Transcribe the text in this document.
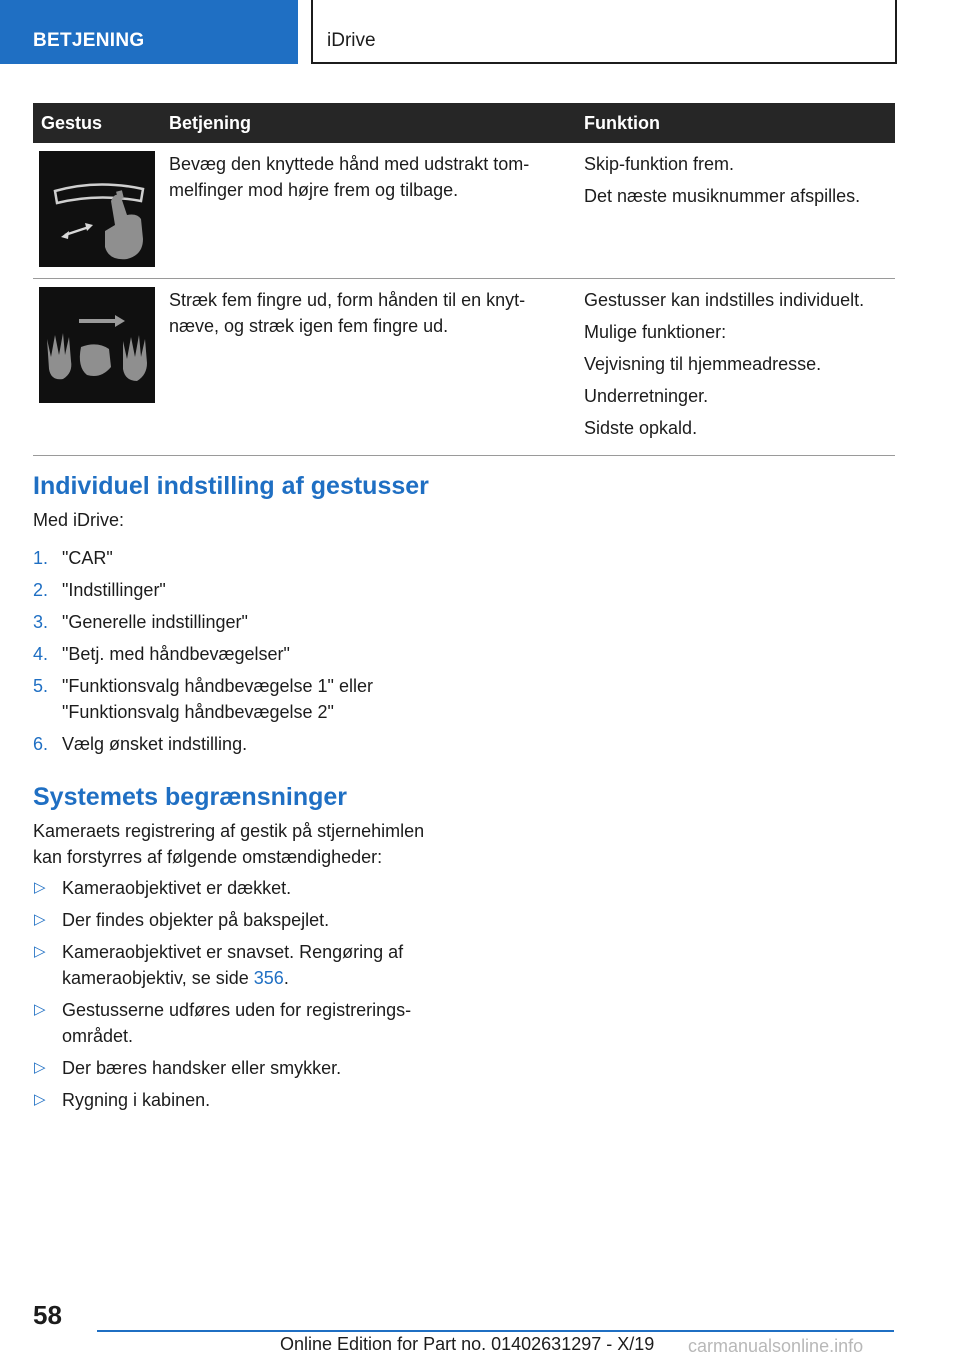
BETJENING	iDrive
Gestus	Betjening	Funktion

Bevæg den knyttede hånd med udstrakt tom-melfinger mod højre frem og tilbage.	Skip-funktion frem.

Det næste musiknummer afspilles.

Stræk fem fingre ud, form hånden til en knyt-næve, og stræk igen fem fingre ud.	Gestusser kan indstilles individuelt.

Mulige funktioner:

Vejvisning til hjemmeadresse.

Underretninger.

Sidste opkald.

Individuel indstilling af gestusser

Med iDrive:

1. "CAR"
2. "Indstillinger"
3. "Generelle indstillinger"
4. "Betj. med håndbevægelser"
5. "Funktionsvalg håndbevægelse 1" eller "Funktionsvalg håndbevægelse 2"
6. Vælg ønsket indstilling.
Systemets begrænsninger

Kameraets registrering af gestik på stjernehimlen kan forstyrres af følgende omstændigheder:

▷ Kameraobjektivet er dækket.
▷ Der findes objekter på bakspejlet.
▷ Kameraobjektivet er snavset. Rengøring af kameraobjektiv, se side 356.
▷ Gestusserne udføres uden for registrerings-området.
▷ Der bæres handsker eller smykker.
▷ Rygning i kabinen.
58
Online Edition for Part no. 01402631297 - X/19 carmanualsonline.info
